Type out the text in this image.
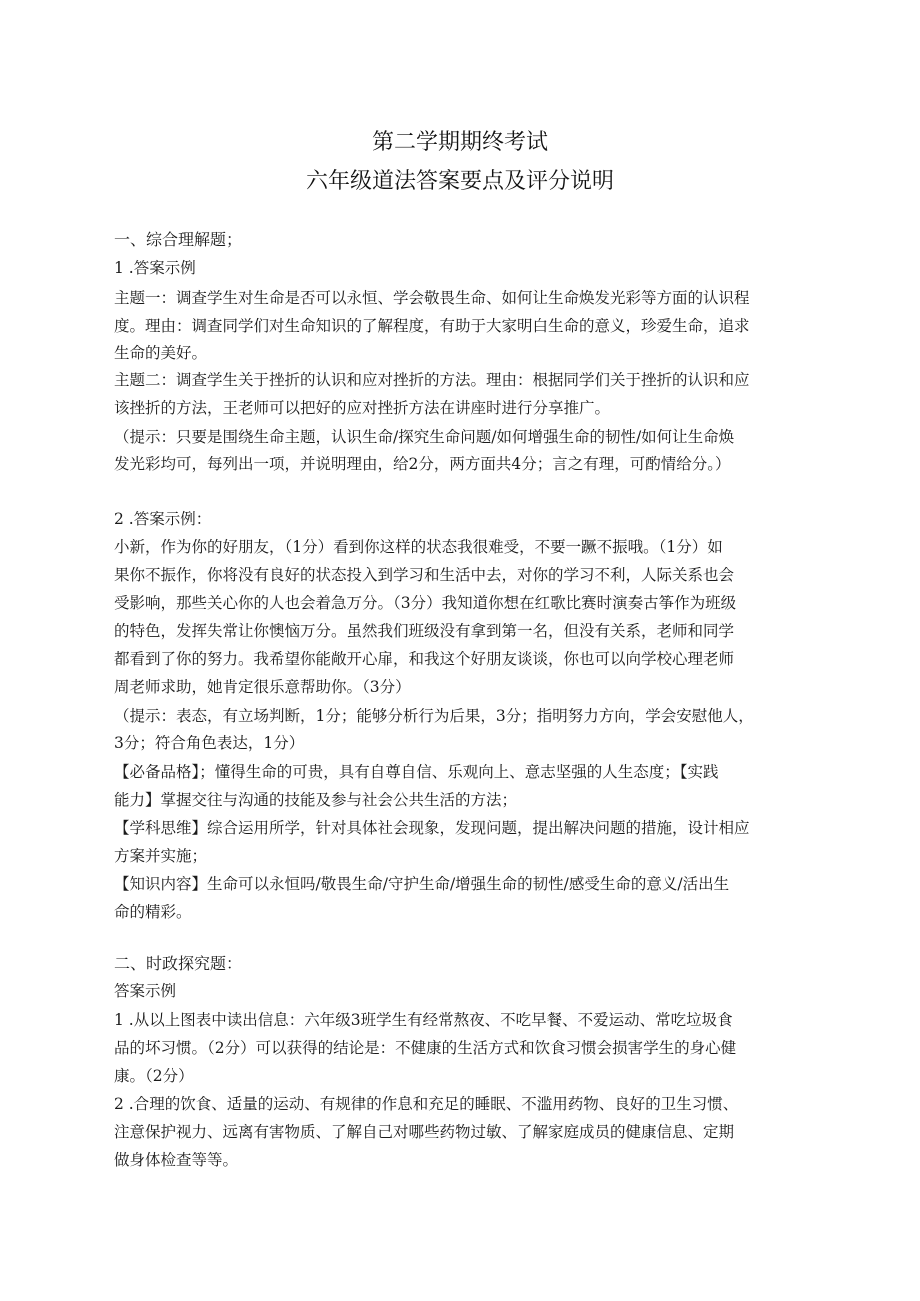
第二学期期终考试
六年级道法答案要点及评分说明
一、综合理解题；
1 .答案示例
主题一：调查学生对生命是否可以永恒、学会敬畏生命、如何让生命焕发光彩等方面的认识程
度。理由：调查同学们对生命知识的了解程度，有助于大家明白生命的意义，珍爱生命，追求
生命的美好。
主题二：调查学生关于挫折的认识和应对挫折的方法。理由：根据同学们关于挫折的认识和应
该挫折的方法，王老师可以把好的应对挫折方法在讲座时进行分享推广。
（提示：只要是围绕生命主题，认识生命/探究生命问题/如何增强生命的韧性/如何让生命焕
发光彩均可，每列出一项，并说明理由，给2分，两方面共4分；言之有理，可酌情给分。）
2 .答案示例：
小新，作为你的好朋友，（1分）看到你这样的状态我很难受，不要一蹶不振哦。（1分）如
果你不振作，你将没有良好的状态投入到学习和生活中去，对你的学习不利，人际关系也会
受影响，那些关心你的人也会着急万分。（3分）我知道你想在红歌比赛时演奏古筝作为班级
的特色，发挥失常让你懊恼万分。虽然我们班级没有拿到第一名，但没有关系，老师和同学
都看到了你的努力。我希望你能敞开心扉，和我这个好朋友谈谈，你也可以向学校心理老师
周老师求助，她肯定很乐意帮助你。（3分）
（提示：表态，有立场判断，1分；能够分析行为后果，3分；指明努力方向，学会安慰他人，
3分；符合角色表达，1分）
【必备品格】；懂得生命的可贵，具有自尊自信、乐观向上、意志坚强的人生态度；【实践
能力】掌握交往与沟通的技能及参与社会公共生活的方法；
【学科思维】综合运用所学，针对具体社会现象，发现问题，提出解决问题的措施，设计相应
方案并实施；
【知识内容】生命可以永恒吗/敬畏生命/守护生命/增强生命的韧性/感受生命的意义/活出生
命的精彩。
二、时政探究题：
答案示例
1 .从以上图表中读出信息：六年级3班学生有经常熬夜、不吃早餐、不爱运动、常吃垃圾食
品的坏习惯。（2分）可以获得的结论是：不健康的生活方式和饮食习惯会损害学生的身心健
康。（2分）
2 .合理的饮食、适量的运动、有规律的作息和充足的睡眠、不滥用药物、良好的卫生习惯、
注意保护视力、远离有害物质、了解自己对哪些药物过敏、了解家庭成员的健康信息、定期
做身体检查等等。
